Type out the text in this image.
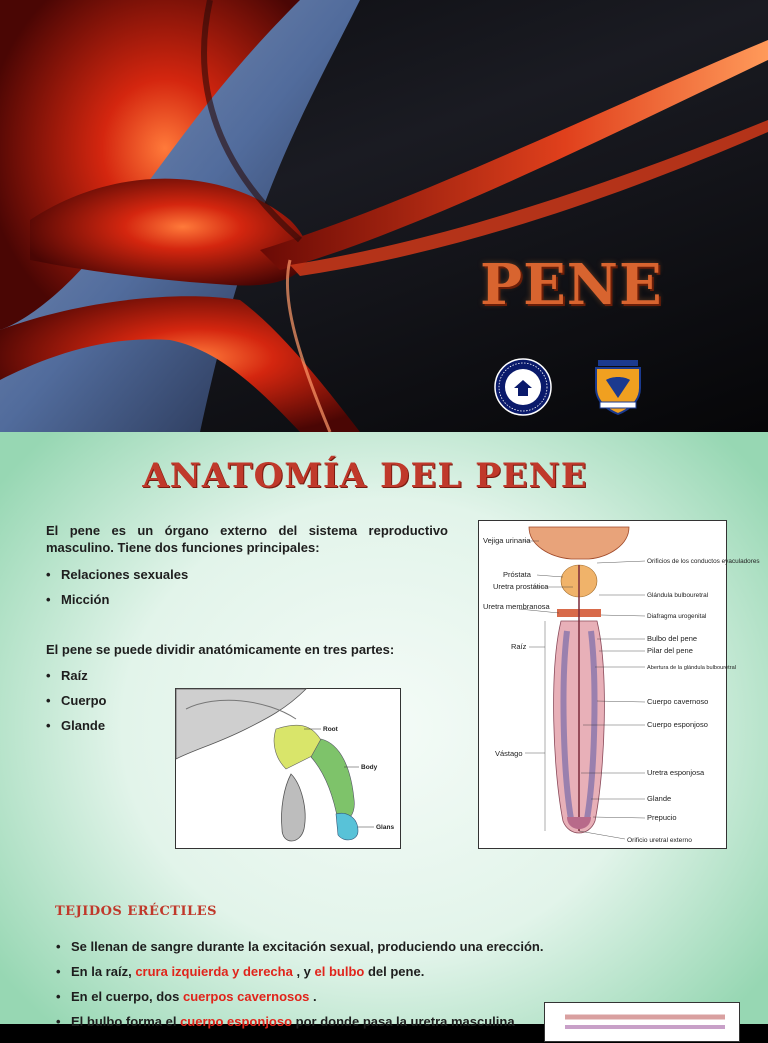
PENE
ANATOMÍA DEL PENE

El pene es un órgano externo del sistema reproductivo masculino. Tiene dos funciones principales:

• Relaciones sexuales
• Micción
El pene se puede dividir anatómicamente en tres partes:
• Raíz
• Cuerpo
• Glande	Root
Body
Glans
Vejiga urinaria
Próstata
Uretra prostática
Uretra membranosa
Raíz
Vástago
Orificios de los conductos eyaculadores
Glándula bulbouretral
Diafragma urogenital
Bulbo del pene
Pilar del pene
Abertura de la glándula bulbouretral
Cuerpo cavernoso
Cuerpo esponjoso
Uretra esponjosa
Glande
Prepucio
Orificio uretral externo
TEJIDOS ERÉCTILES
• Se llenan de sangre durante la excitación sexual, produciendo una erección.
• En la raíz, crura izquierda y derecha , y el bulbo del pene.
• En el cuerpo, dos cuerpos cavernosos .
• El bulbo forma el cuerpo esponjoso por donde pasa la uretra masculina
